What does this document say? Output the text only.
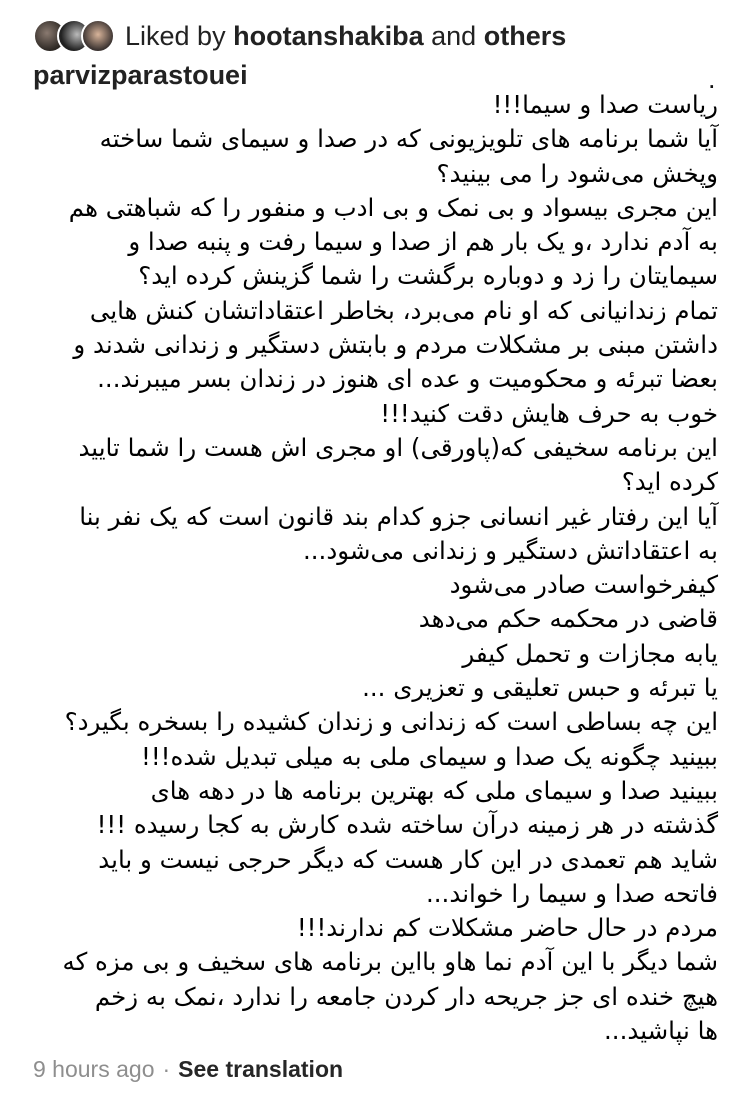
Liked by hootanshakiba and others
parvizparastouei	.
ریاست صدا و سیما!!!
آیا شما برنامه های تلویزیونی که در صدا و سیمای شما ساخته
وپخش می‌شود را می بینید؟
این مجری بیسواد و بی نمک و بی ادب و منفور را که شباهتی هم
به آدم ندارد ،و یک بار هم از صدا و سیما رفت و پنبه صدا و
سیمایتان را زد و دوباره برگشت را شما گزینش کرده اید؟
تمام زندانیانی که او نام می‌برد، بخاطر اعتقاداتشان کنش هایی
داشتن مبنی بر مشکلات مردم و بابتش دستگیر و زندانی شدند و
بعضا تبرئه و محکومیت و عده ای هنوز در زندان بسر میبرند...
خوب به حرف هایش دقت کنید!!!
این برنامه سخیفی که(پاورقی) او مجری اش هست را شما تایید
کرده اید؟
آیا این رفتار غیر انسانی جزو کدام بند قانون است که یک نفر بنا
به اعتقاداتش دستگیر و زندانی می‌شود...
کیفرخواست صادر می‌شود
قاضی در محکمه حکم می‌دهد
یابه مجازات و تحمل کیفر
یا تبرئه و حبس تعلیقی و تعزیری ...
این چه بساطی است که زندانی و زندان کشیده را بسخره بگیرد؟
ببینید چگونه یک صدا و سیمای ملی به میلی تبدیل شده!!!
ببینید صدا و سیمای ملی که بهترین برنامه ها در دهه های
گذشته در هر زمینه درآن ساخته شده کارش به کجا رسیده !!!
شاید هم تعمدی در این کار هست که دیگر حرجی نیست و باید
فاتحه صدا و سیما را خواند...
مردم در حال حاضر مشکلات کم ندارند!!!
شما دیگر با این آدم نما هاو بااین برنامه های سخیف و بی مزه که
هیچ خنده ای جز جریحه دار کردن جامعه را ندارد ،نمک به زخم
ها نپاشید...
9 hours ago · See translation
